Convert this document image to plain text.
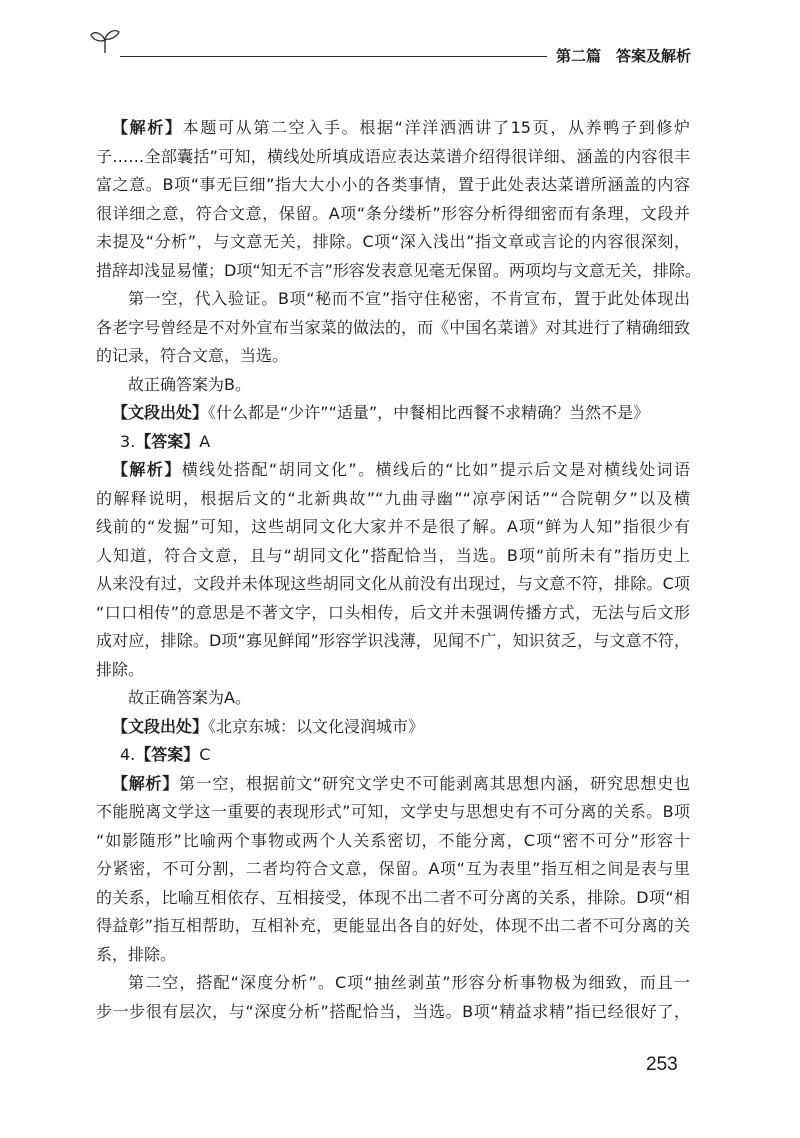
第二篇　答案及解析
【解析】本题可从第二空入手。根据“洋洋洒洒讲了15页，从养鸭子到修炉
子……全部囊括”可知，横线处所填成语应表达菜谱介绍得很详细、涵盖的内容很丰
富之意。B项“事无巨细”指大大小小的各类事情，置于此处表达菜谱所涵盖的内容
很详细之意，符合文意，保留。A项“条分缕析”形容分析得细密而有条理，文段并
未提及“分析”，与文意无关，排除。C项“深入浅出”指文章或言论的内容很深刻，
措辞却浅显易懂；D项“知无不言”形容发表意见毫无保留。两项均与文意无关，排除。
第一空，代入验证。B项“秘而不宣”指守住秘密，不肯宣布，置于此处体现出
各老字号曾经是不对外宣布当家菜的做法的，而《中国名菜谱》对其进行了精确细致
的记录，符合文意，当选。
故正确答案为B。
【文段出处】《什么都是“少许”“适量”，中餐相比西餐不求精确？当然不是》
3.【答案】A
【解析】横线处搭配“胡同文化”。横线后的“比如”提示后文是对横线处词语
的解释说明，根据后文的“北新典故”“九曲寻幽”“凉亭闲话”“合院朝夕”以及横
线前的“发掘”可知，这些胡同文化大家并不是很了解。A项“鲜为人知”指很少有
人知道，符合文意，且与“胡同文化”搭配恰当，当选。B项“前所未有”指历史上
从来没有过，文段并未体现这些胡同文化从前没有出现过，与文意不符，排除。C项
“口口相传”的意思是不著文字，口头相传，后文并未强调传播方式，无法与后文形
成对应，排除。D项“寡见鲜闻”形容学识浅薄，见闻不广，知识贫乏，与文意不符，
排除。
故正确答案为A。
【文段出处】《北京东城：以文化浸润城市》
4.【答案】C
【解析】第一空，根据前文“研究文学史不可能剥离其思想内涵，研究思想史也
不能脱离文学这一重要的表现形式”可知，文学史与思想史有不可分离的关系。B项
“如影随形”比喻两个事物或两个人关系密切，不能分离，C项“密不可分”形容十
分紧密，不可分割，二者均符合文意，保留。A项“互为表里”指互相之间是表与里
的关系，比喻互相依存、互相接受，体现不出二者不可分离的关系，排除。D项“相
得益彰”指互相帮助，互相补充，更能显出各自的好处，体现不出二者不可分离的关
系，排除。
第二空，搭配“深度分析”。C项“抽丝剥茧”形容分析事物极为细致，而且一
步一步很有层次，与“深度分析”搭配恰当，当选。B项“精益求精”指已经很好了，
253
